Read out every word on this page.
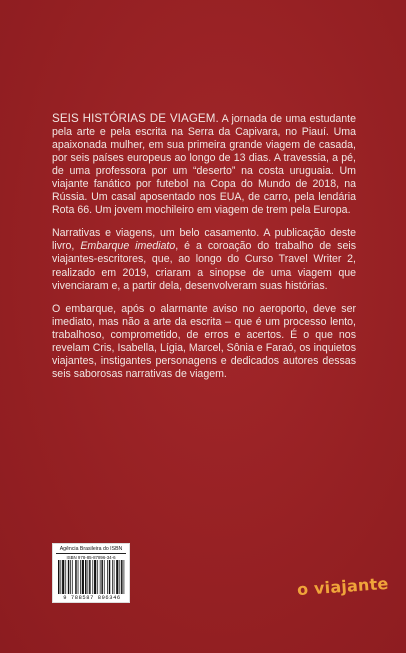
SEIS HISTÓRIAS DE VIAGEM. A jornada de uma estudante pela arte e pela escrita na Serra da Capivara, no Piauí. Uma apaixonada mulher, em sua primeira grande viagem de casada, por seis países europeus ao longo de 13 dias. A travessia, a pé, de uma professora por um “deserto” na costa uruguaia. Um viajante fanático por futebol na Copa do Mundo de 2018, na Rússia. Um casal aposentado nos EUA, de carro, pela lendária Rota 66. Um jovem mochileiro em viagem de trem pela Europa.

Narrativas e viagens, um belo casamento. A publicação deste livro, Embarque imediato, é a coroação do trabalho de seis viajantes-escritores, que, ao longo do Curso Travel Writer 2, realizado em 2019, criaram a sinopse de uma viagem que vivenciaram e, a partir dela, desenvolveram suas histórias.

O embarque, após o alarmante aviso no aeroporto, deve ser imediato, mas não a arte da escrita – que é um processo lento, trabalhoso, comprometido, de erros e acertos. É o que nos revelam Cris, Isabella, Lígia, Marcel, Sônia e Faraó, os inquietos viajantes, instigantes personagens e dedicados autores dessas seis saborosas narrativas de viagem.

Agência Brasileira do ISBN
ISBN 978-85-87896-34-6
9 788587 896346	o viajante
